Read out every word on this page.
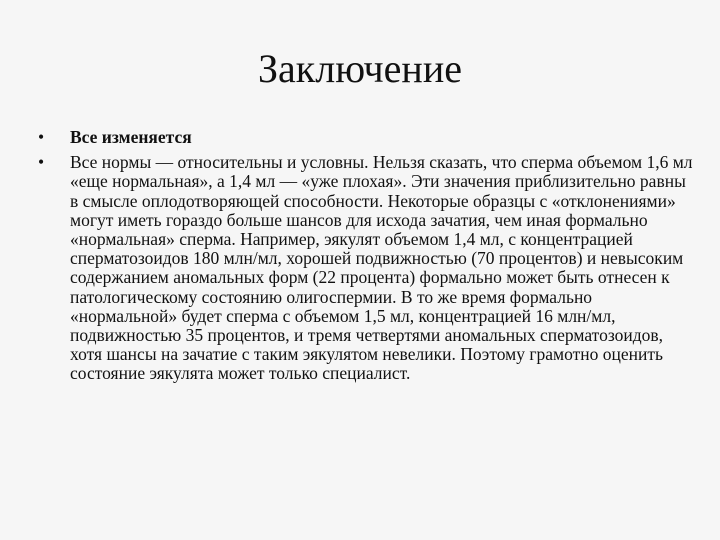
Заключение
• Все изменяется
• Все нормы — относительны и условны. Нельзя сказать, что сперма объемом 1,6 мл «еще нормальная», а 1,4 мл — «уже плохая». Эти значения приблизительно равны в смысле оплодотворяющей способности. Некоторые образцы с «отклонениями» могут иметь гораздо больше шансов для исхода зачатия, чем иная формально «нормальная» сперма. Например, эякулят объемом 1,4 мл, с концентрацией сперматозоидов 180 млн/мл, хорошей подвижностью (70 процентов) и невысоким содержанием аномальных форм (22 процента) формально может быть отнесен к патологическому состоянию олигоспермии. В то же время формально «нормальной» будет сперма с объемом 1,5 мл, концентрацией 16 млн/мл, подвижностью 35 процентов, и тремя четвертями аномальных сперматозоидов, хотя шансы на зачатие с таким эякулятом невелики. Поэтому грамотно оценить состояние эякулята может только специалист.
